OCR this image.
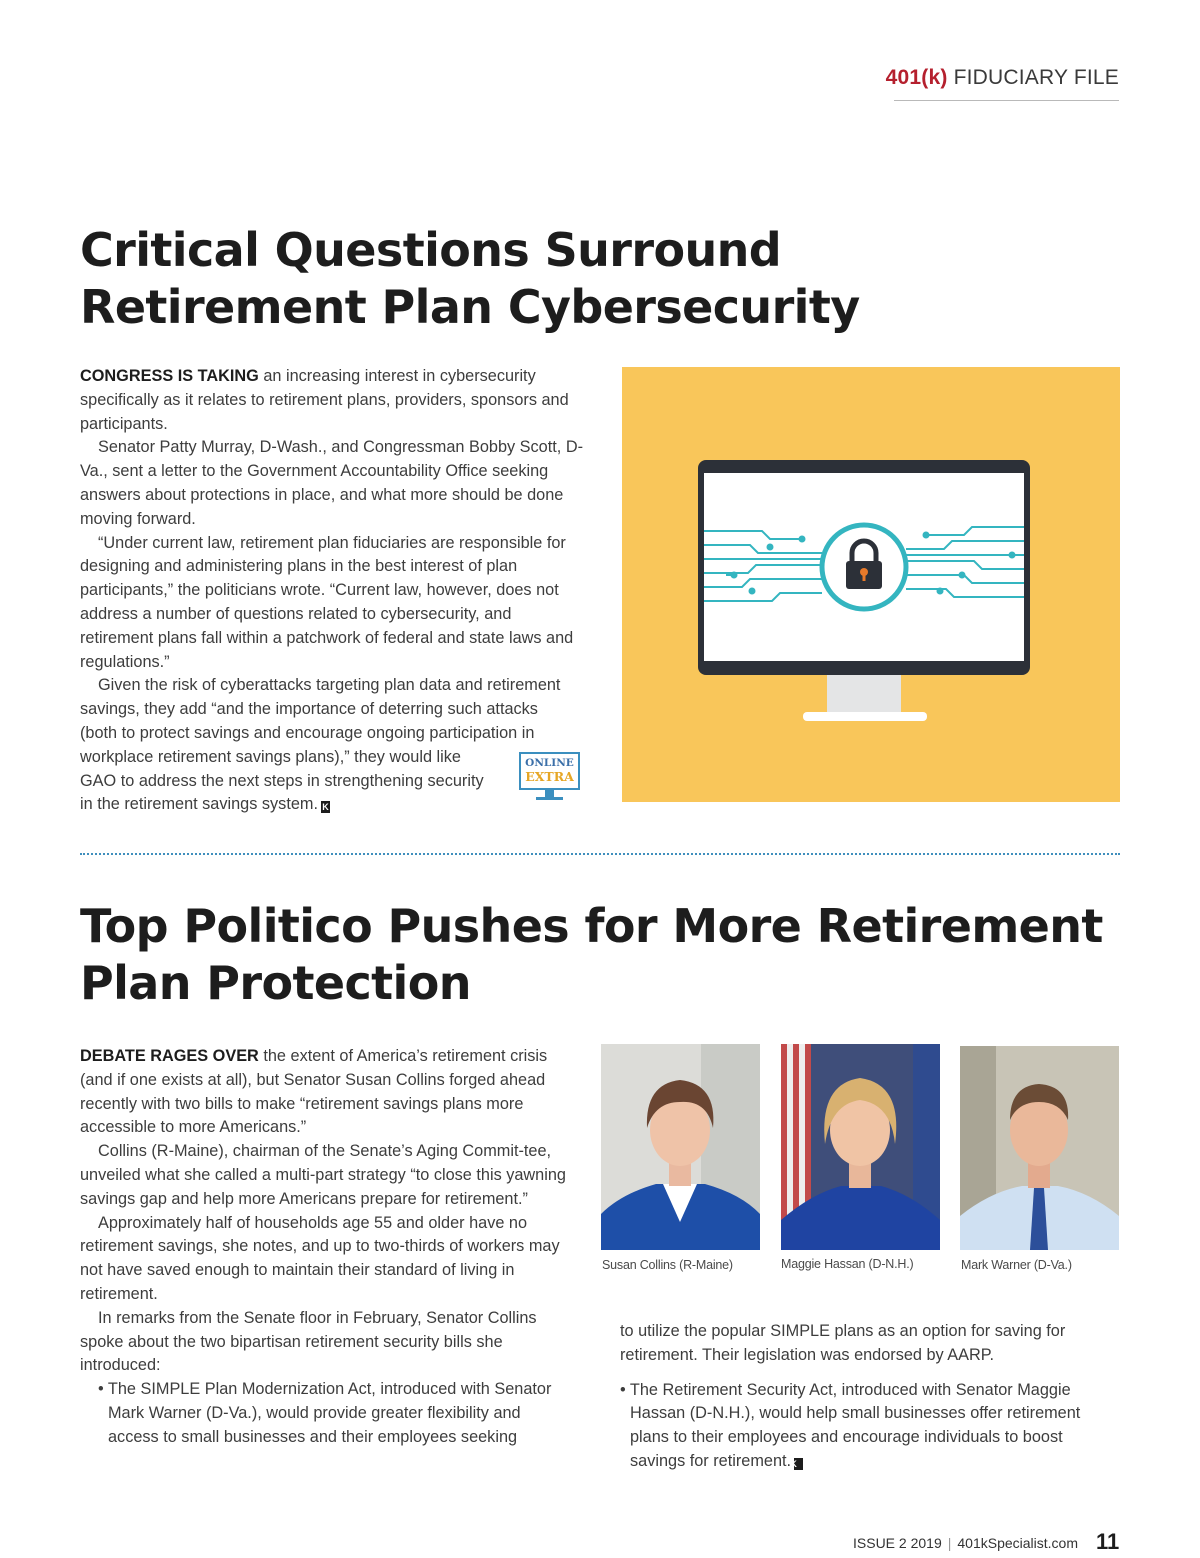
401(k) FIDUCIARY FILE
Critical Questions Surround
Retirement Plan Cybersecurity

CONGRESS IS TAKING an increasing interest in cybersecurity specifically as it relates to retirement plans, providers, sponsors and participants.

Senator Patty Murray, D-Wash., and Congressman Bobby Scott, D-Va., sent a letter to the Government Accountability Office seeking answers about protections in place, and what more should be done moving forward.

“Under current law, retirement plan fiduciaries are responsible for designing and administering plans in the best interest of plan participants,” the politicians wrote. “Current law, however, does not address a number of questions related to cybersecurity, and retirement plans fall within a patchwork of federal and state laws and regulations.”

Given the risk of cyberattacks targeting plan data and retirement savings, they add “and the importance of deterring such attacks (both to protect savings and encourage ongoing participation in workplace retirement savings plans),” they would like

GAO to address the next steps in strengthening security

in the retirement savings system. K

ONLINE
EXTRA
Top Politico Pushes for More Retirement
Plan Protection

DEBATE RAGES OVER the extent of America’s retirement crisis (and if one exists at all), but Senator Susan Collins forged ahead recently with two bills to make “retirement savings plans more accessible to more Americans.”

Collins (R-Maine), chairman of the Senate’s Aging Commit-tee, unveiled what she called a multi-part strategy “to close this yawning savings gap and help more Americans prepare for retirement.”

Approximately half of households age 55 and older have no retirement savings, she notes, and up to two-thirds of workers may not have saved enough to maintain their standard of living in retirement.

In remarks from the Senate floor in February, Senator Collins spoke about the two bipartisan retirement security bills she introduced:

• The SIMPLE Plan Modernization Act, introduced with Senator Mark Warner (D-Va.), would provide greater flexibility and access to small businesses and their employees seeking

to utilize the popular SIMPLE plans as an option for saving for retirement. Their legislation was endorsed by AARP.

• The Retirement Security Act, introduced with Senator Maggie Hassan (D-N.H.), would help small businesses offer retirement plans to their employees and encourage individuals to boost savings for retirement.K

Susan Collins (R-Maine)	Maggie Hassan (D-N.H.)	Mark Warner (D-Va.)
ISSUE 2 2019 | 401kSpecialist.com 11
